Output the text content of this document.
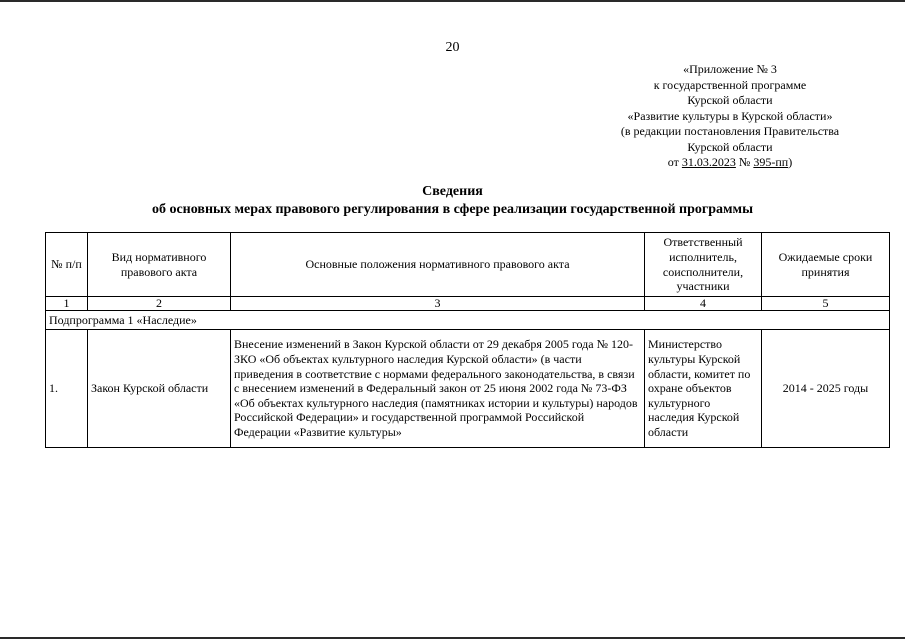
20
«Приложение № 3
к государственной программе
Курской области
«Развитие культуры в Курской области»
(в редакции постановления Правительства
Курской области
от 31.03.2023 № 395-пп)
Сведения
об основных мерах правового регулирования в сфере реализации государственной программы
№ п/п	Вид нормативного правового акта	Основные положения нормативного правового акта	Ответственный исполнитель, соисполнители, участники	Ожидаемые сроки принятия
1	2	3	4	5
Подпрограмма 1 «Наследие»				
1.	Закон Курской области	Внесение изменений в Закон Курской области от 29 декабря 2005 года № 120-ЗКО «Об объектах культурного наследия Курской области» (в части приведения в соответствие с нормами федерального законодательства, в связи с внесением изменений в Федеральный закон от 25 июня 2002 года № 73-ФЗ «Об объектах культурного наследия (памятниках истории и культуры) народов Российской Федерации» и государственной программой Российской Федерации «Развитие культуры»	Министерство культуры Курской области, комитет по охране объектов культурного наследия Курской области	2014 - 2025 годы
